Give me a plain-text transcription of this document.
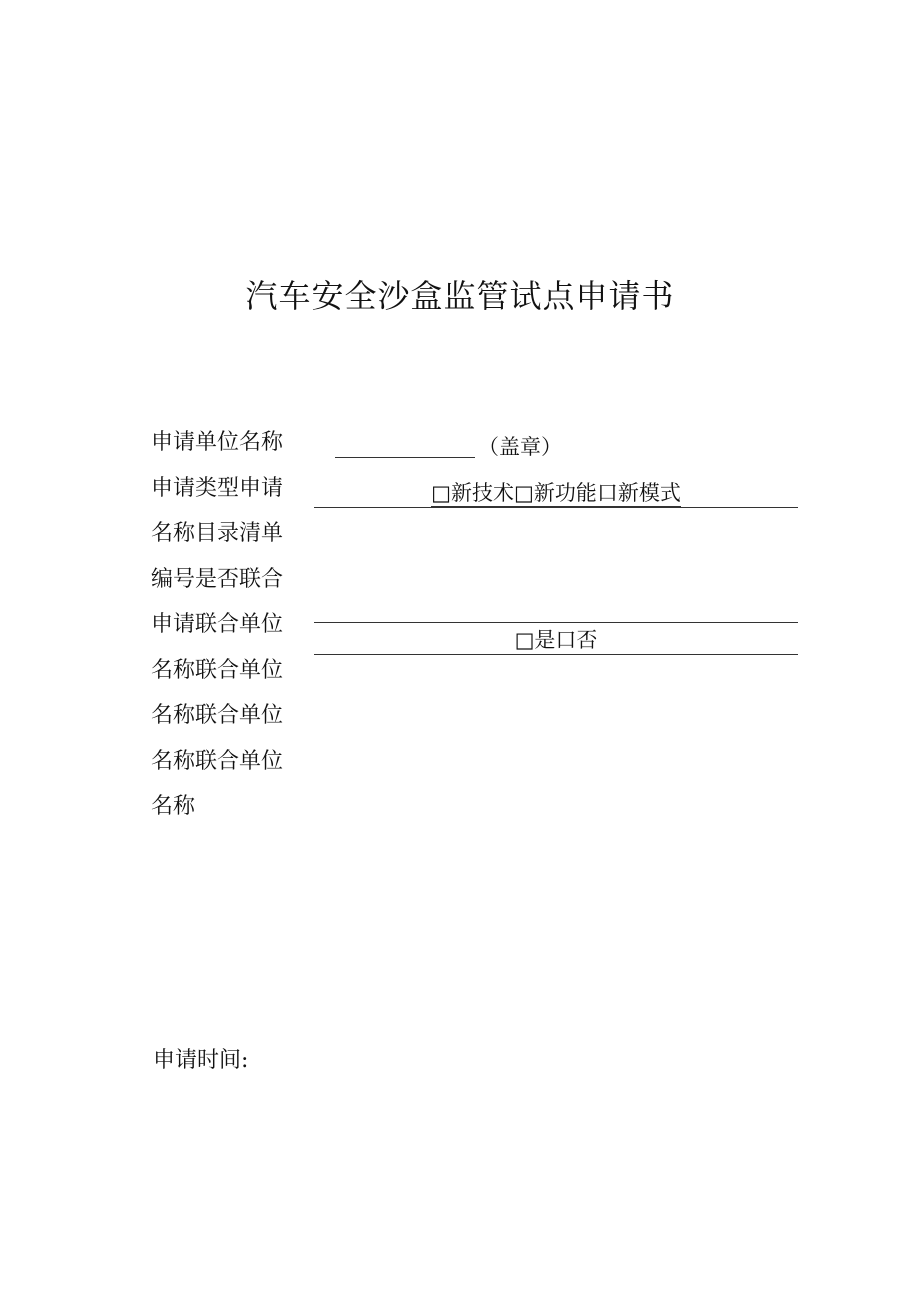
汽车安全沙盒监管试点申请书
申请单位名称
申请类型申请
名称目录清单
编号是否联合
申请联合单位
名称联合单位
名称联合单位
名称联合单位
名称
（盖章）
□新技术□新功能口新模式
□是口否
申请时间:
